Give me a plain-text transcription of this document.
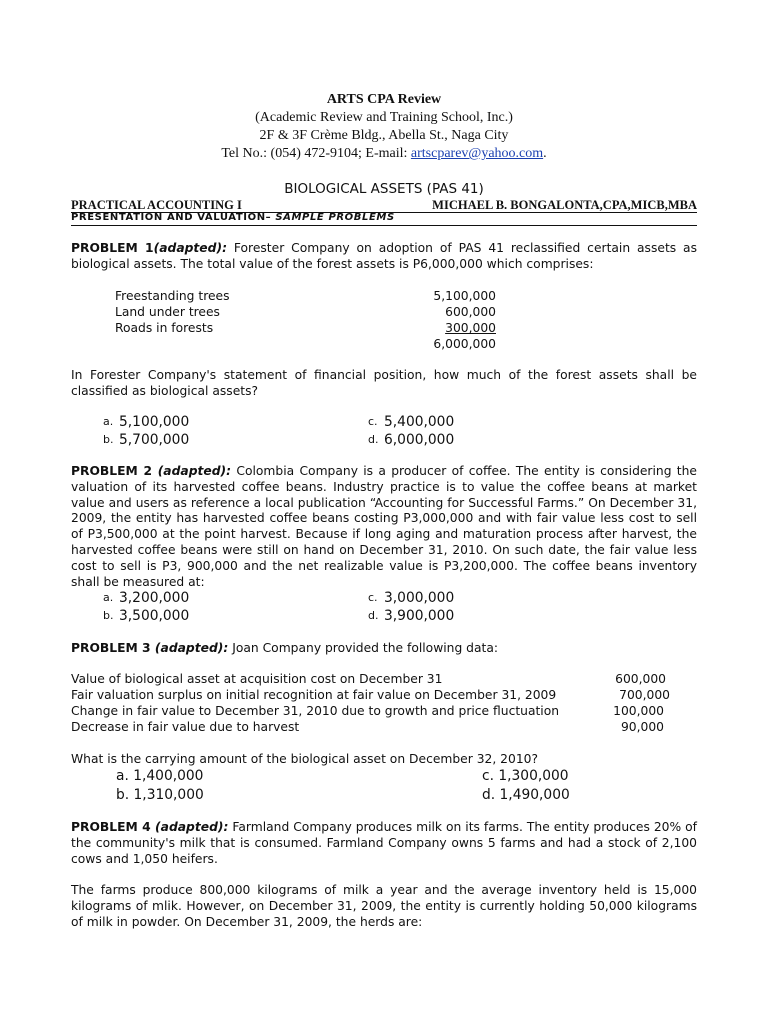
ARTS CPA Review
(Academic Review and Training School, Inc.)
2F & 3F Crème Bldg., Abella St., Naga City
Tel No.: (054) 472-9104; E-mail: artscparev@yahoo.com.
BIOLOGICAL ASSETS (PAS 41)
PRACTICAL ACCOUNTING I	MICHAEL B. BONGALONTA,CPA,MICB,MBA
PRESENTATION AND VALUATION– SAMPLE PROBLEMS
PROBLEM 1(adapted): Forester Company on adoption of PAS 41 reclassified certain assets as biological assets. The total value of the forest assets is P6,000,000 which comprises:
Freestanding trees	5,100,000
Land under trees	600,000
Roads in forests	300,000
6,000,000
In Forester Company's statement of financial position, how much of the forest assets shall be classified as biological assets?
a. 5,100,000
b. 5,700,000
c. 5,400,000
d. 6,000,000
PROBLEM 2 (adapted): Colombia Company is a producer of coffee. The entity is considering the valuation of its harvested coffee beans. Industry practice is to value the coffee beans at market value and users as reference a local publication “Accounting for Successful Farms.” On December 31, 2009, the entity has harvested coffee beans costing P3,000,000 and with fair value less cost to sell of P3,500,000 at the point harvest. Because if long aging and maturation process after harvest, the harvested coffee beans were still on hand on December 31, 2010. On such date, the fair value less cost to sell is P3, 900,000 and the net realizable value is P3,200,000. The coffee beans inventory shall be measured at:
a. 3,200,000
b. 3,500,000
c. 3,000,000
d. 3,900,000
PROBLEM 3 (adapted): Joan Company provided the following data:
Value of biological asset at acquisition cost on December 31	600,000
Fair valuation surplus on initial recognition at fair value on December 31, 2009	700,000
Change in fair value to December 31, 2010 due to growth and price fluctuation	100,000
Decrease in fair value due to harvest	90,000
What is the carrying amount of the biological asset on December 32, 2010?
a. 1,400,000
b. 1,310,000
c. 1,300,000
d. 1,490,000
PROBLEM 4 (adapted): Farmland Company produces milk on its farms. The entity produces 20% of the community's milk that is consumed. Farmland Company owns 5 farms and had a stock of 2,100 cows and 1,050 heifers.
The farms produce 800,000 kilograms of milk a year and the average inventory held is 15,000 kilograms of mlik. However, on December 31, 2009, the entity is currently holding 50,000 kilograms of milk in powder. On December 31, 2009, the herds are:
